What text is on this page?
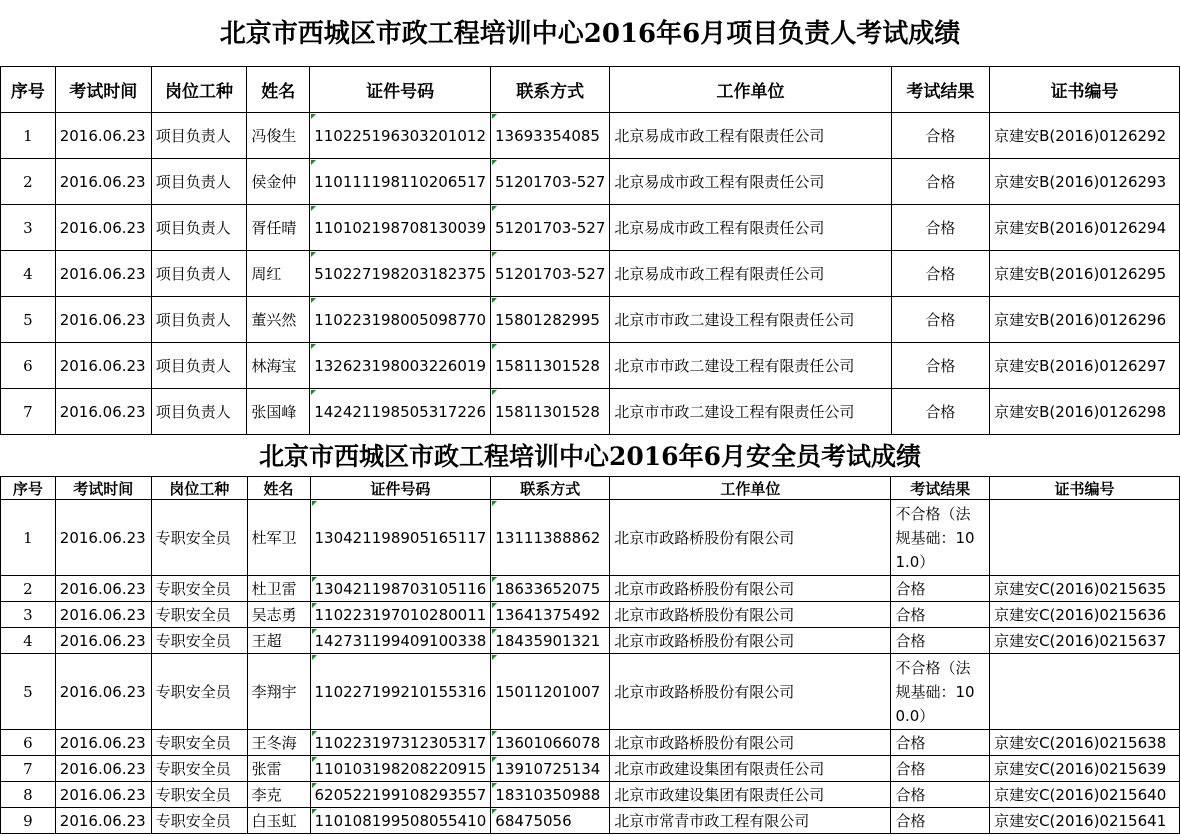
北京市西城区市政工程培训中心2016年6月项目负责人考试成绩
序号	考试时间	岗位工种	姓名	证件号码	联系方式	工作单位	考试结果	证书编号
1	2016.06.23	项目负责人	冯俊生	110225196303201012	13693354085	北京易成市政工程有限责任公司	合格	京建安B(2016)0126292
2	2016.06.23	项目负责人	侯金仲	110111198110206517	51201703-527	北京易成市政工程有限责任公司	合格	京建安B(2016)0126293
3	2016.06.23	项目负责人	胥任晴	110102198708130039	51201703-527	北京易成市政工程有限责任公司	合格	京建安B(2016)0126294
4	2016.06.23	项目负责人	周红	510227198203182375	51201703-527	北京易成市政工程有限责任公司	合格	京建安B(2016)0126295
5	2016.06.23	项目负责人	董兴然	110223198005098770	15801282995	北京市市政二建设工程有限责任公司	合格	京建安B(2016)0126296
6	2016.06.23	项目负责人	林海宝	132623198003226019	15811301528	北京市市政二建设工程有限责任公司	合格	京建安B(2016)0126297
7	2016.06.23	项目负责人	张国峰	142421198505317226	15811301528	北京市市政二建设工程有限责任公司	合格	京建安B(2016)0126298
北京市西城区市政工程培训中心2016年6月安全员考试成绩
序号	考试时间	岗位工种	姓名	证件号码	联系方式	工作单位	考试结果	证书编号
1	2016.06.23	专职安全员	杜军卫	130421198905165117	13111388862	北京市政路桥股份有限公司	不合格（法规基础：101.0）	
2	2016.06.23	专职安全员	杜卫雷	130421198703105116	18633652075	北京市政路桥股份有限公司	合格	京建安C(2016)0215635
3	2016.06.23	专职安全员	吴志勇	110223197010280011	13641375492	北京市政路桥股份有限公司	合格	京建安C(2016)0215636
4	2016.06.23	专职安全员	王超	142731199409100338	18435901321	北京市政路桥股份有限公司	合格	京建安C(2016)0215637
5	2016.06.23	专职安全员	李翔宇	110227199210155316	15011201007	北京市政路桥股份有限公司	不合格（法规基础：100.0）	
6	2016.06.23	专职安全员	王冬海	110223197312305317	13601066078	北京市政路桥股份有限公司	合格	京建安C(2016)0215638
7	2016.06.23	专职安全员	张雷	110103198208220915	13910725134	北京市政建设集团有限责任公司	合格	京建安C(2016)0215639
8	2016.06.23	专职安全员	李克	620522199108293557	18310350988	北京市政建设集团有限责任公司	合格	京建安C(2016)0215640
9	2016.06.23	专职安全员	白玉虹	110108199508055410	68475056	北京市常青市政工程有限公司	合格	京建安C(2016)0215641
